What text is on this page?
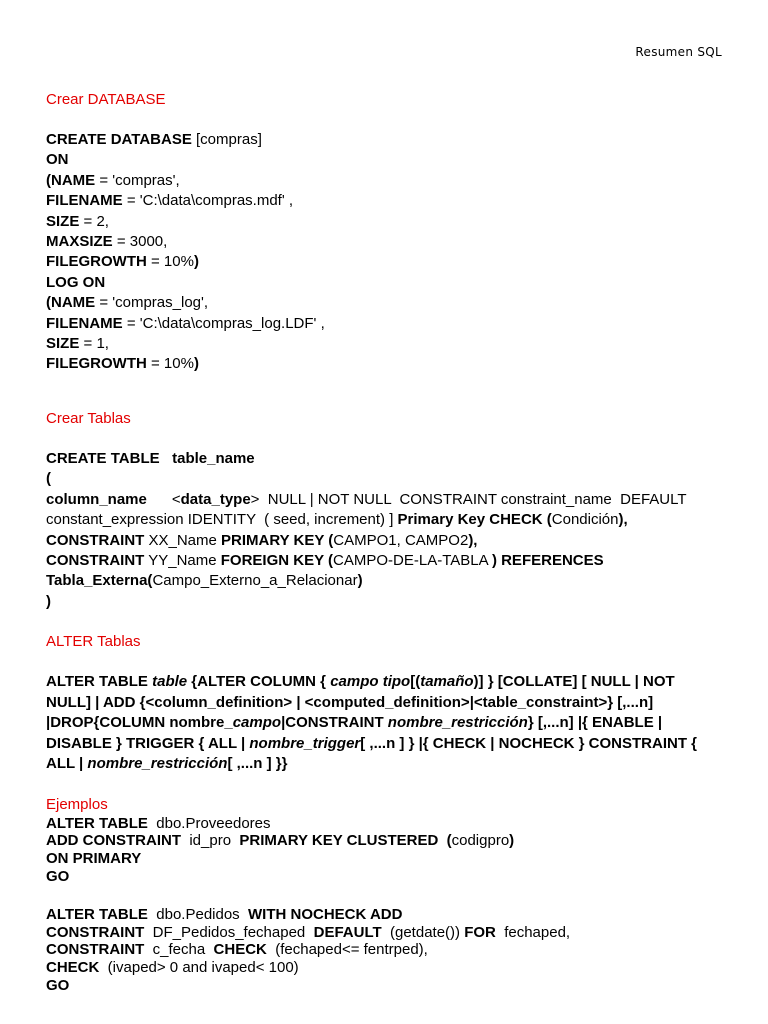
Resumen SQL
Crear DATABASE
CREATE DATABASE [compras]
ON
(NAME = 'compras',
FILENAME = 'C:\data\compras.mdf' ,
SIZE = 2,
MAXSIZE = 3000,
FILEGROWTH = 10%)
LOG ON
(NAME = 'compras_log',
FILENAME = 'C:\data\compras_log.LDF' ,
SIZE = 1,
FILEGROWTH = 10%)
Crear Tablas
CREATE TABLE   table_name
(
column_name      <data_type>  NULL | NOT NULL  CONSTRAINT constraint_name  DEFAULT
constant_expression IDENTITY  ( seed, increment) ] Primary Key CHECK (Condición),
CONSTRAINT XX_Name PRIMARY KEY (CAMPO1, CAMPO2),
CONSTRAINT YY_Name FOREIGN KEY (CAMPO-DE-LA-TABLA ) REFERENCES
Tabla_Externa(Campo_Externo_a_Relacionar)
)
ALTER Tablas
ALTER TABLE table {ALTER COLUMN { campo tipo[(tamaño)] } [COLLATE] [ NULL | NOT
NULL] | ADD {<column_definition> | <computed_definition>|<table_constraint>} [,...n]
|DROP{COLUMN nombre_campo|CONSTRAINT nombre_restricción} [,...n] |{ ENABLE |
DISABLE } TRIGGER { ALL | nombre_trigger[ ,...n ] } |{ CHECK | NOCHECK } CONSTRAINT {
ALL | nombre_restricción[ ,...n ] }}
Ejemplos
ALTER TABLE  dbo.Proveedores
ADD CONSTRAINT  id_pro  PRIMARY KEY CLUSTERED  (codigpro)
ON PRIMARY
GO
ALTER TABLE  dbo.Pedidos  WITH NOCHECK ADD
CONSTRAINT  DF_Pedidos_fechaped  DEFAULT  (getdate()) FOR  fechaped,
CONSTRAINT  c_fecha  CHECK  (fechaped<= fentrped),
CHECK  (ivaped> 0 and ivaped< 100)
GO
